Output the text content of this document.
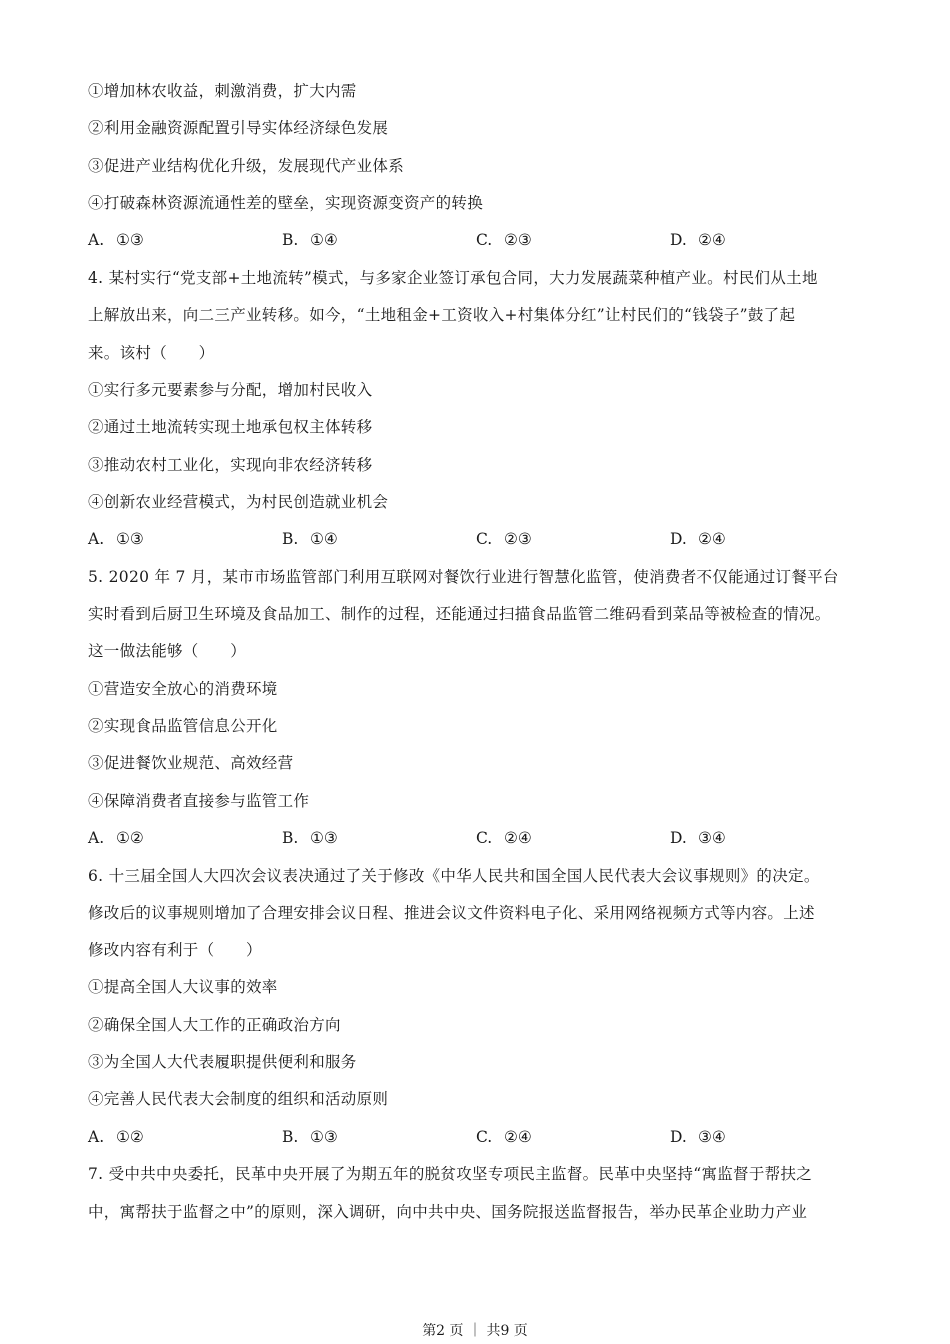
①增加林农收益，刺激消费，扩大内需
②利用金融资源配置引导实体经济绿色发展
③促进产业结构优化升级，发展现代产业体系
④打破森林资源流通性差的壁垒，实现资源变资产的转换
A. ①③	B. ①④	C. ②③	D. ②④
4. 某村实行“党支部+土地流转”模式，与多家企业签订承包合同，大力发展蔬菜种植产业。村民们从土地
上解放出来，向二三产业转移。如今，“土地租金+工资收入+村集体分红”让村民们的“钱袋子”鼓了起
来。该村（　　）
①实行多元要素参与分配，增加村民收入
②通过土地流转实现土地承包权主体转移
③推动农村工业化，实现向非农经济转移
④创新农业经营模式，为村民创造就业机会
A. ①③	B. ①④	C. ②③	D. ②④
5. 2020 年 7 月，某市市场监管部门利用互联网对餐饮行业进行智慧化监管，使消费者不仅能通过订餐平台
实时看到后厨卫生环境及食品加工、制作的过程，还能通过扫描食品监管二维码看到菜品等被检查的情况。
这一做法能够（　　）
①营造安全放心的消费环境
②实现食品监管信息公开化
③促进餐饮业规范、高效经营
④保障消费者直接参与监管工作
A. ①②	B. ①③	C. ②④	D. ③④
6. 十三届全国人大四次会议表决通过了关于修改《中华人民共和国全国人民代表大会议事规则》的决定。
修改后的议事规则增加了合理安排会议日程、推进会议文件资料电子化、采用网络视频方式等内容。上述
修改内容有利于（　　）
①提高全国人大议事的效率
②确保全国人大工作的正确政治方向
③为全国人大代表履职提供便利和服务
④完善人民代表大会制度的组织和活动原则
A. ①②	B. ①③	C. ②④	D. ③④
7. 受中共中央委托，民革中央开展了为期五年的脱贫攻坚专项民主监督。民革中央坚持“寓监督于帮扶之
中，寓帮扶于监督之中”的原则，深入调研，向中共中央、国务院报送监督报告，举办民革企业助力产业
第2 页 ｜ 共9 页
